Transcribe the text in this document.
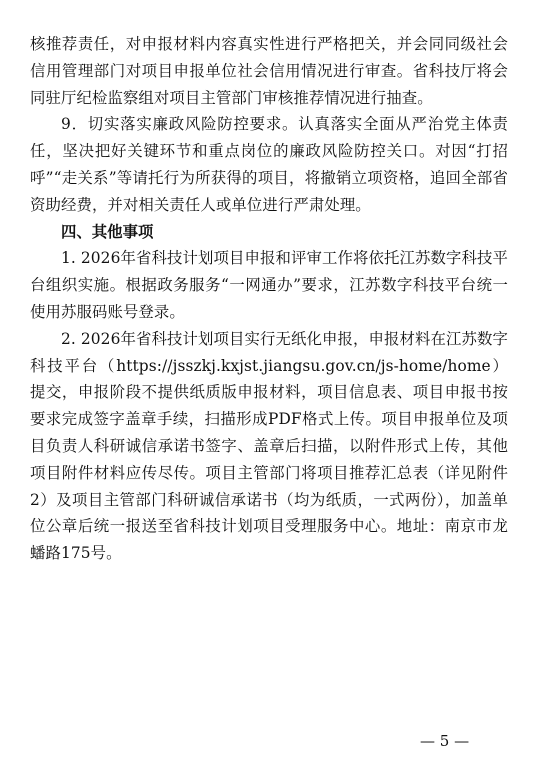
核推荐责任，对申报材料内容真实性进行严格把关，并会同同级社会信用管理部门对项目申报单位社会信用情况进行审查。省科技厅将会同驻厅纪检监察组对项目主管部门审核推荐情况进行抽查。

9．切实落实廉政风险防控要求。认真落实全面从严治党主体责任，坚决把好关键环节和重点岗位的廉政风险防控关口。对因“打招呼”“走关系”等请托行为所获得的项目，将撤销立项资格，追回全部省资助经费，并对相关责任人或单位进行严肃处理。

四、其他事项

1. 2026年省科技计划项目申报和评审工作将依托江苏数字科技平台组织实施。根据政务服务“一网通办”要求，江苏数字科技平台统一使用苏服码账号登录。

2. 2026年省科技计划项目实行无纸化申报，申报材料在江苏数字科技平台（https://jsszkj.kxjst.jiangsu.gov.cn/js-home/home）提交，申报阶段不提供纸质版申报材料，项目信息表、项目申报书按要求完成签字盖章手续，扫描形成PDF格式上传。项目申报单位及项目负责人科研诚信承诺书签字、盖章后扫描，以附件形式上传，其他项目附件材料应传尽传。项目主管部门将项目推荐汇总表（详见附件2）及项目主管部门科研诚信承诺书（均为纸质，一式两份），加盖单位公章后统一报送至省科技计划项目受理服务中心。地址：南京市龙蟠路175号。

— 5 —
